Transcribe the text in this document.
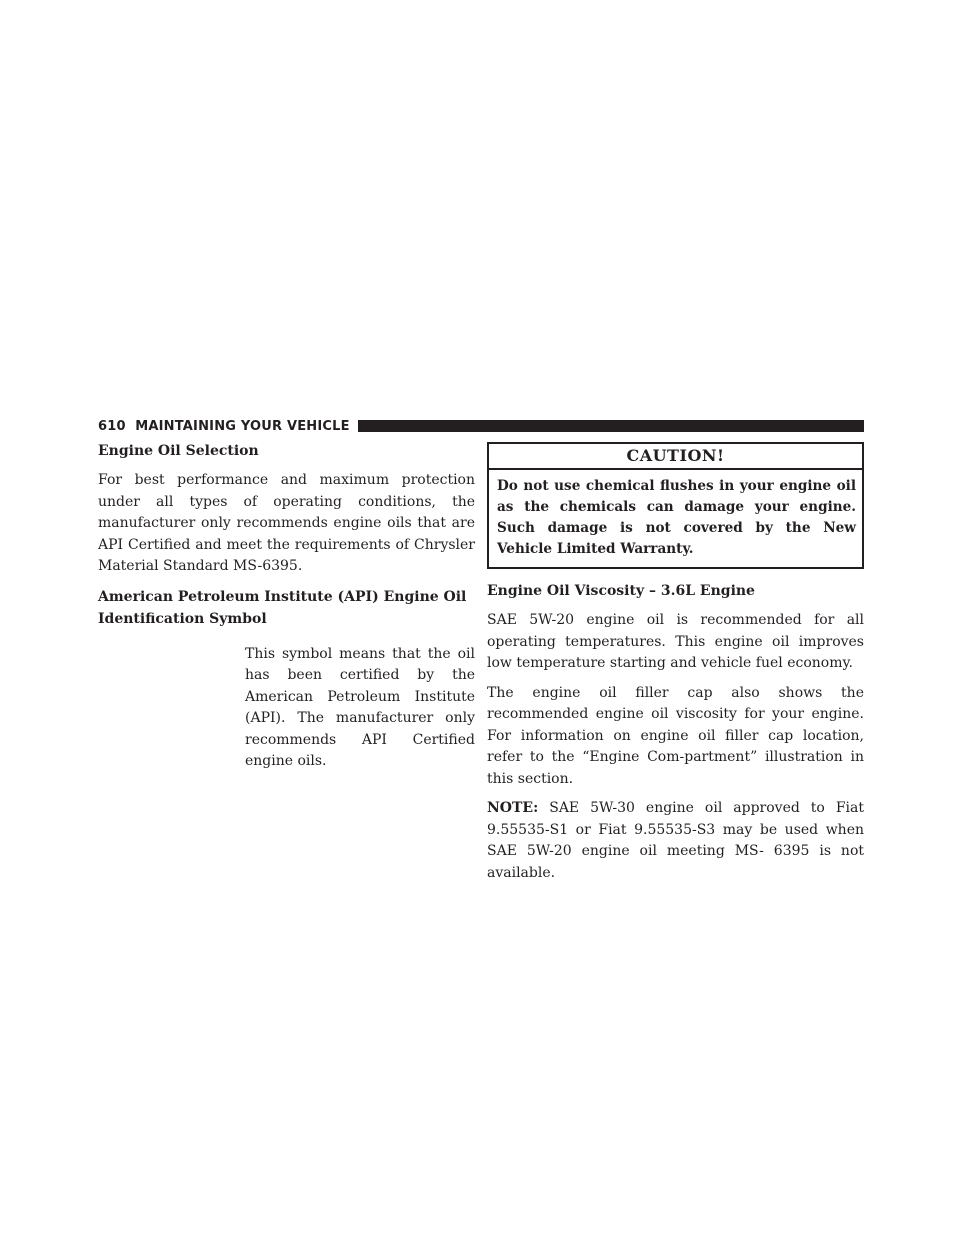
610 MAINTAINING YOUR VEHICLE

Engine Oil Selection

For best performance and maximum protection under all types of operating conditions, the manufacturer only recommends engine oils that are API Certified and meet the requirements of Chrysler Material Standard MS-6395.

American Petroleum Institute (API) Engine Oil

Identification Symbol

This symbol means that the oil has been certified by the American Petroleum Institute (API). The manufacturer only recommends API Certified engine oils.

CAUTION!
Do not use chemical flushes in your engine oil as the chemicals can damage your engine. Such damage is not covered by the New Vehicle Limited Warranty.

Engine Oil Viscosity – 3.6L Engine

SAE 5W-20 engine oil is recommended for all operating temperatures. This engine oil improves low temperature starting and vehicle fuel economy.

The engine oil filler cap also shows the recommended engine oil viscosity for your engine. For information on engine oil filler cap location, refer to the “Engine Com-partment” illustration in this section.

NOTE: SAE 5W-30 engine oil approved to Fiat 9.55535-S1 or Fiat 9.55535-S3 may be used when SAE 5W-20 engine oil meeting MS- 6395 is not available.
